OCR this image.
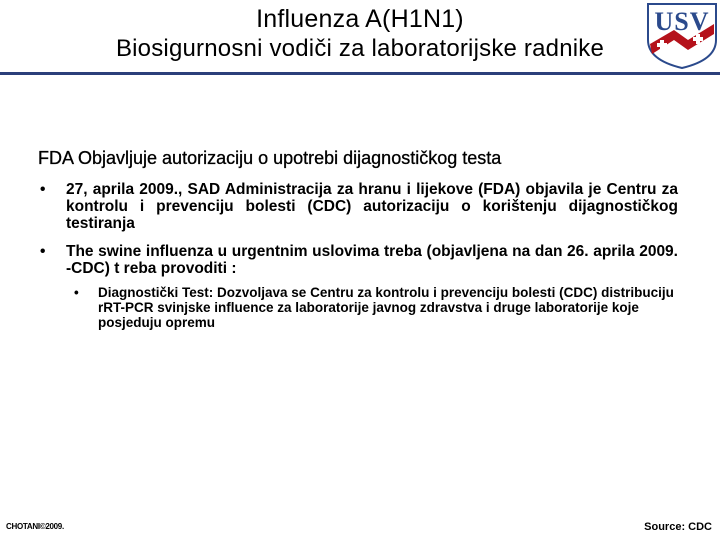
Influenza A(H1N1)
Biosigurnosni vodiči za laboratorijske radnike
USV
FDA Objavljuje autorizaciju o upotrebi dijagnostičkog testa
• 27, aprila 2009., SAD Administracija za hranu i lijekove (FDA) objavila je Centru za kontrolu i prevenciju bolesti (CDC) autorizaciju o korištenju dijagnostičkog testiranja
• The swine influenza u urgentnim uslovima treba (objavljena na dan 26. aprila 2009. -CDC) t reba provoditi :
• Diagnostički Test: Dozvoljava se Centru za kontrolu i prevenciju bolesti (CDC) distribuciju rRT-PCR svinjske influence za laboratorije javnog zdravstva i druge laboratorije koje posjeduju opremu
CHOTANI©2009.	Source: CDC
